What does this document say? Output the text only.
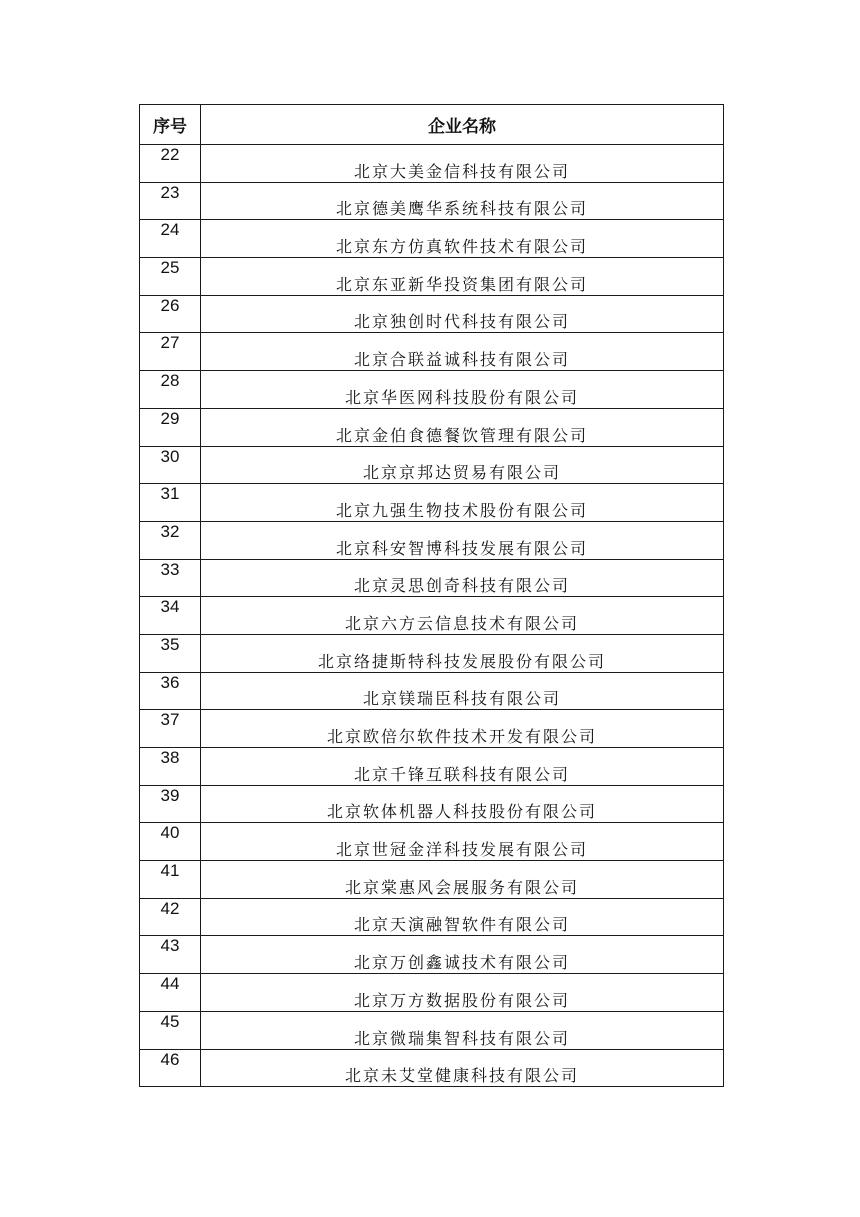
序号	企业名称
22	北京大美金信科技有限公司
23	北京德美鹰华系统科技有限公司
24	北京东方仿真软件技术有限公司
25	北京东亚新华投资集团有限公司
26	北京独创时代科技有限公司
27	北京合联益诚科技有限公司
28	北京华医网科技股份有限公司
29	北京金伯食德餐饮管理有限公司
30	北京京邦达贸易有限公司
31	北京九强生物技术股份有限公司
32	北京科安智博科技发展有限公司
33	北京灵思创奇科技有限公司
34	北京六方云信息技术有限公司
35	北京络捷斯特科技发展股份有限公司
36	北京镁瑞臣科技有限公司
37	北京欧倍尔软件技术开发有限公司
38	北京千锋互联科技有限公司
39	北京软体机器人科技股份有限公司
40	北京世冠金洋科技发展有限公司
41	北京棠惠风会展服务有限公司
42	北京天演融智软件有限公司
43	北京万创鑫诚技术有限公司
44	北京万方数据股份有限公司
45	北京微瑞集智科技有限公司
46	北京未艾堂健康科技有限公司
